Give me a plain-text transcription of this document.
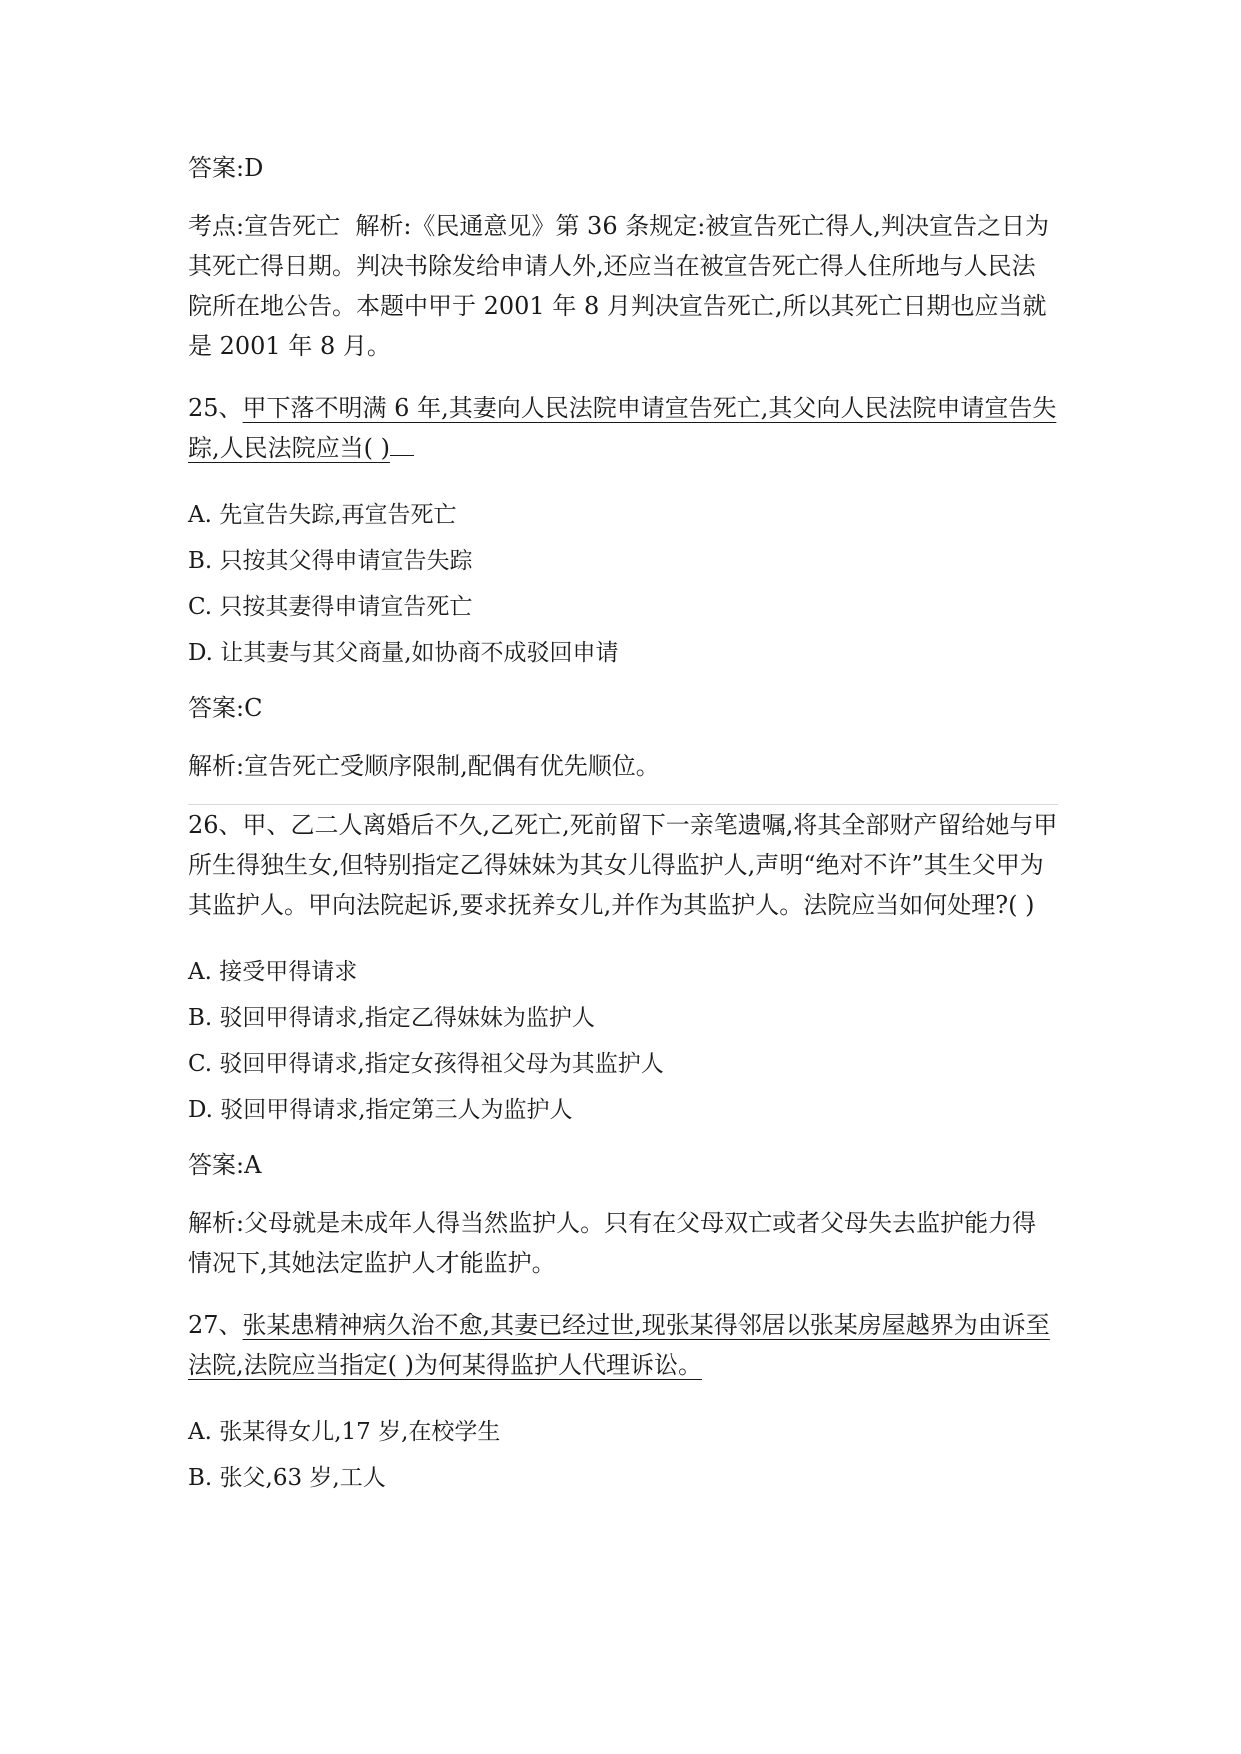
答案:D

考点:宣告死亡  解析:《民通意见》第 36 条规定:被宣告死亡得人,判决宣告之日为其死亡得日期。判决书除发给申请人外,还应当在被宣告死亡得人住所地与人民法院所在地公告。本题中甲于 2001 年 8 月判决宣告死亡,所以其死亡日期也应当就是 2001 年 8 月。

25、甲下落不明满 6 年,其妻向人民法院申请宣告死亡,其父向人民法院申请宣告失踪,人民法院应当( )

A. 先宣告失踪,再宣告死亡

B. 只按其父得申请宣告失踪

C. 只按其妻得申请宣告死亡

D. 让其妻与其父商量,如协商不成驳回申请

答案:C

解析:宣告死亡受顺序限制,配偶有优先顺位。

26、甲、乙二人离婚后不久,乙死亡,死前留下一亲笔遗嘱,将其全部财产留给她与甲所生得独生女,但特别指定乙得妹妹为其女儿得监护人,声明“绝对不许”其生父甲为其监护人。甲向法院起诉,要求抚养女儿,并作为其监护人。法院应当如何处理?( )

A. 接受甲得请求

B. 驳回甲得请求,指定乙得妹妹为监护人

C. 驳回甲得请求,指定女孩得祖父母为其监护人

D. 驳回甲得请求,指定第三人为监护人

答案:A

解析:父母就是未成年人得当然监护人。只有在父母双亡或者父母失去监护能力得情况下,其她法定监护人才能监护。

27、张某患精神病久治不愈,其妻已经过世,现张某得邻居以张某房屋越界为由诉至法院,法院应当指定( )为何某得监护人代理诉讼。

A. 张某得女儿,17 岁,在校学生

B. 张父,63 岁,工人
